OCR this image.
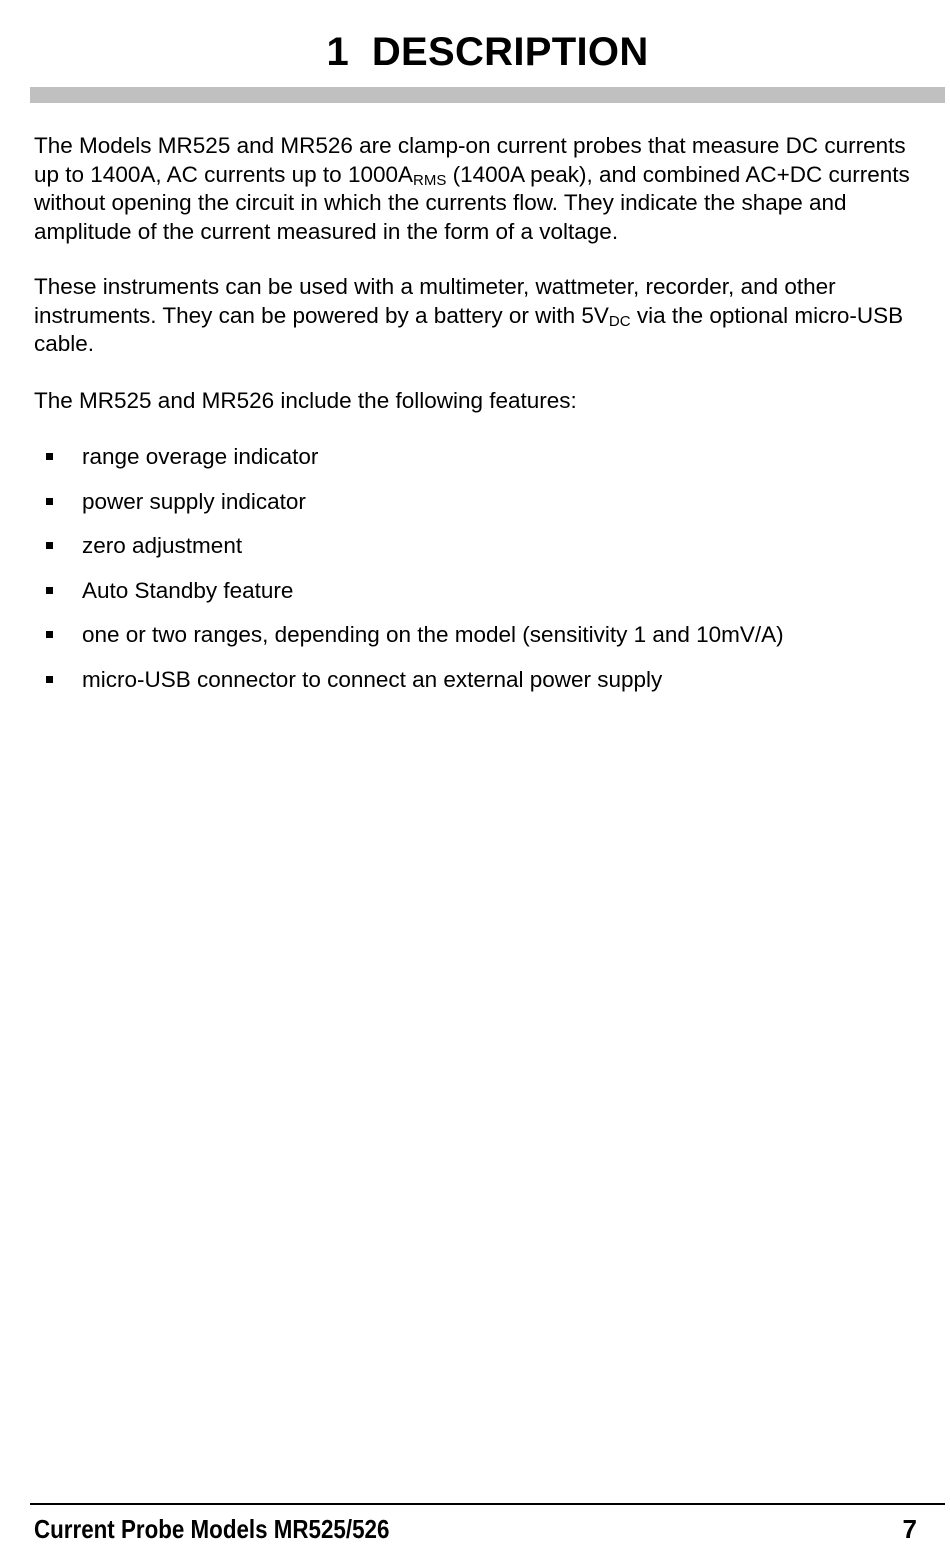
1 DESCRIPTION

The Models MR525 and MR526 are clamp-on current probes that measure DC currents up to 1400A, AC currents up to $1000A_{RMS}$ (1400A peak), and combined AC+DC currents without opening the circuit in which the currents flow. They indicate the shape and amplitude of the current measured in the form of a voltage.

These instruments can be used with a multimeter, wattmeter, recorder, and other instruments. They can be powered by a battery or with $5V_{DC}$ via the optional micro-USB cable.

The MR525 and MR526 include the following features:

range overage indicator
power supply indicator
zero adjustment
Auto Standby feature
one or two ranges, depending on the model (sensitivity 1 and 10mV/A)
micro-USB connector to connect an external power supply
Current Probe Models MR525/526	7
